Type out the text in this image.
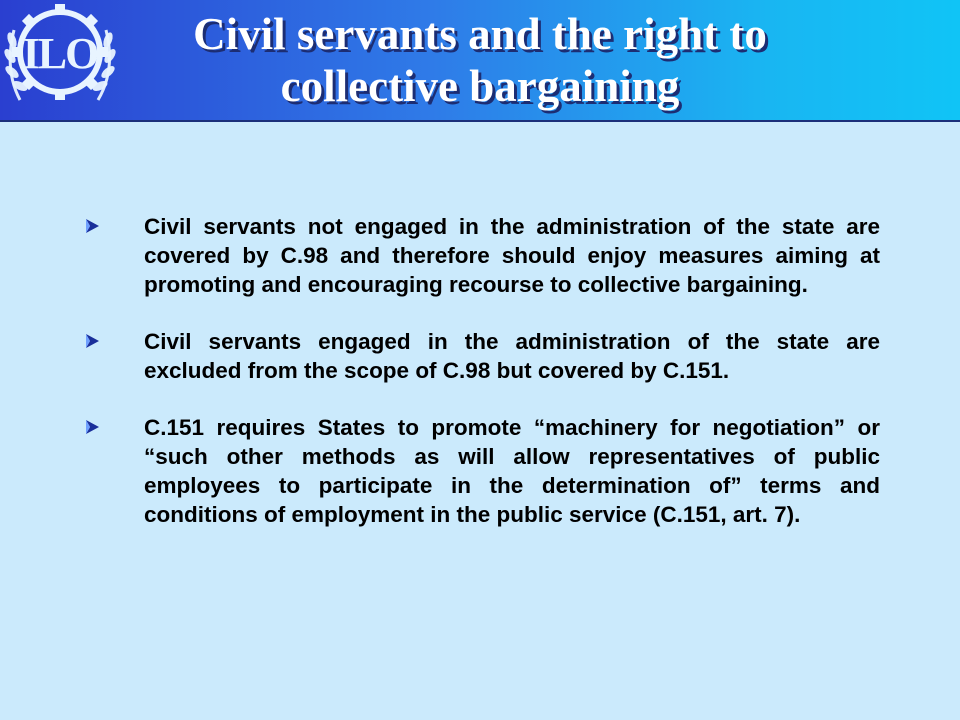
ILO	Civil servants and the right to
collective bargaining
Civil servants not engaged in the administration of the state are covered by C.98 and therefore should enjoy measures aiming at promoting and encouraging recourse to collective bargaining.
Civil servants engaged in the administration of the state are excluded from the scope of C.98 but covered by C.151.
C.151 requires States to promote “machinery for negotiation” or “such other methods as will allow representatives of public employees to participate in the determination of” terms and conditions of employment in the public service (C.151, art. 7).
